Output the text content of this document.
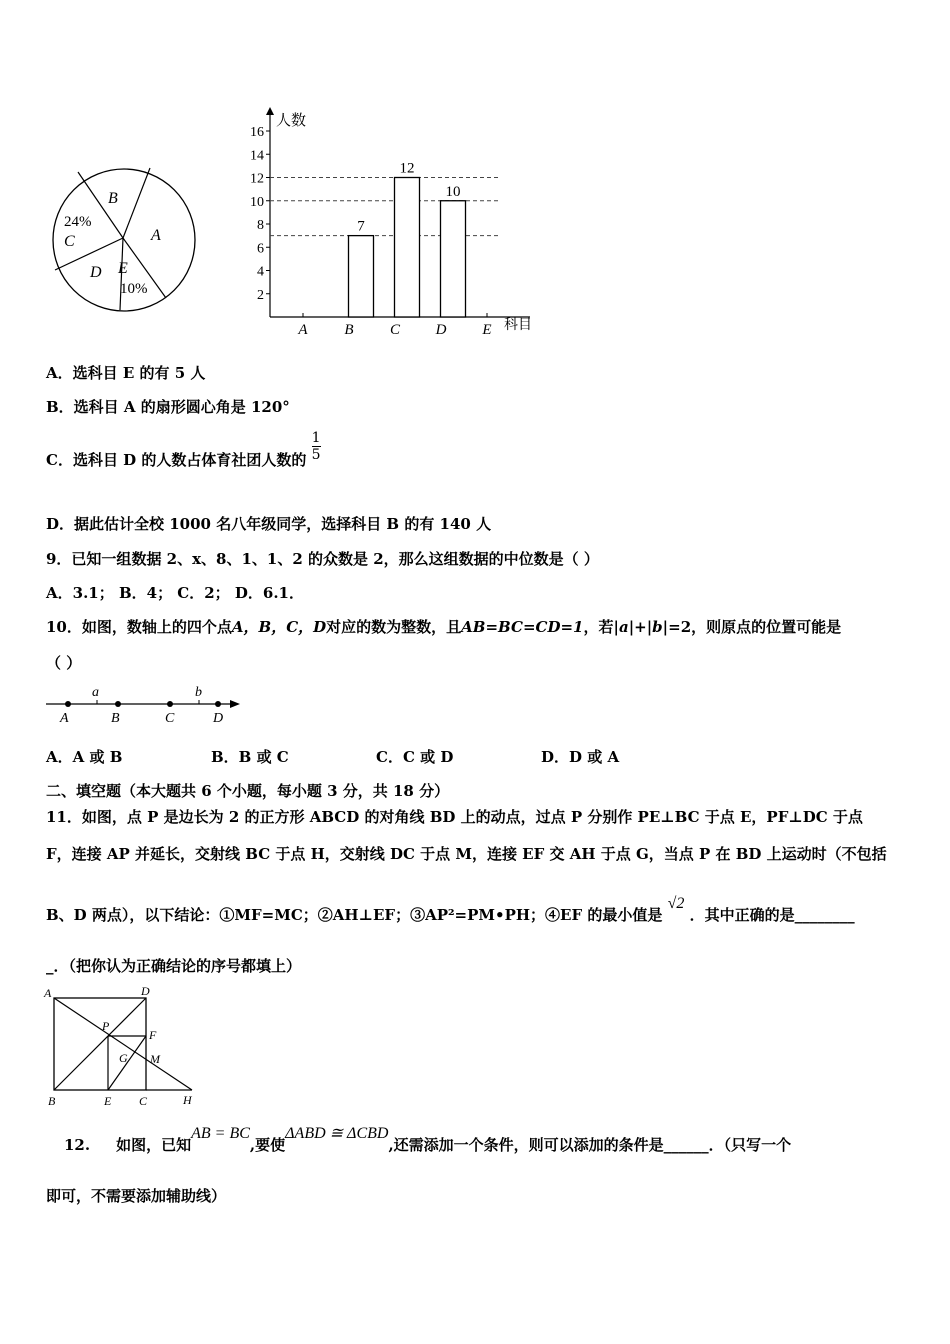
B
A
C
24%
D E
10%
人数
科目
2
4
6
8
10
12
14
16
A B
7
C
12
D
10
E
A．选科目 E 的有 5 人
B．选科目 A 的扇形圆心角是 120°
C．选科目 D 的人数占体育社团人数的 $\frac{1}{5}$
D．据此估计全校 1000 名八年级同学，选择科目 B 的有 140 人
9．已知一组数据 2、x、8、1、1、2 的众数是 2，那么这组数据的中位数是（ ）
A．3.1； B．4； C．2； D．6.1．
10．如图，数轴上的四个点A，B，C，D对应的数为整数，且AB=BC=CD=1，若|a|+|b|=2，则原点的位置可能是
（ ）
a	b
A	B	C	D
A．A 或 B	B．B 或 C	C．C 或 D	D．D 或 A
二、填空题（本大题共 6 个小题，每小题 3 分，共 18 分）
11．如图，点 P 是边长为 2 的正方形 ABCD 的对角线 BD 上的动点，过点 P 分别作 PE⊥BC 于点 E，PF⊥DC 于点
F，连接 AP 并延长，交射线 BC 于点 H，交射线 DC 于点 M，连接 EF 交 AH 于点 G，当点 P 在 BD 上运动时（不包括
B、D 两点），以下结论：①MF=MC；②AH⊥EF；③AP²=PM•PH；④EF 的最小值是 √2 ．其中正确的是________
_．（把你认为正确结论的序号都填上）
A	D
P
F
G M
B	E C	H
12. 如图，已知AB = BC,要使ΔABD ≅ ΔCBD,还需添加一个条件，则可以添加的条件是______．（只写一个
即可，不需要添加辅助线）
